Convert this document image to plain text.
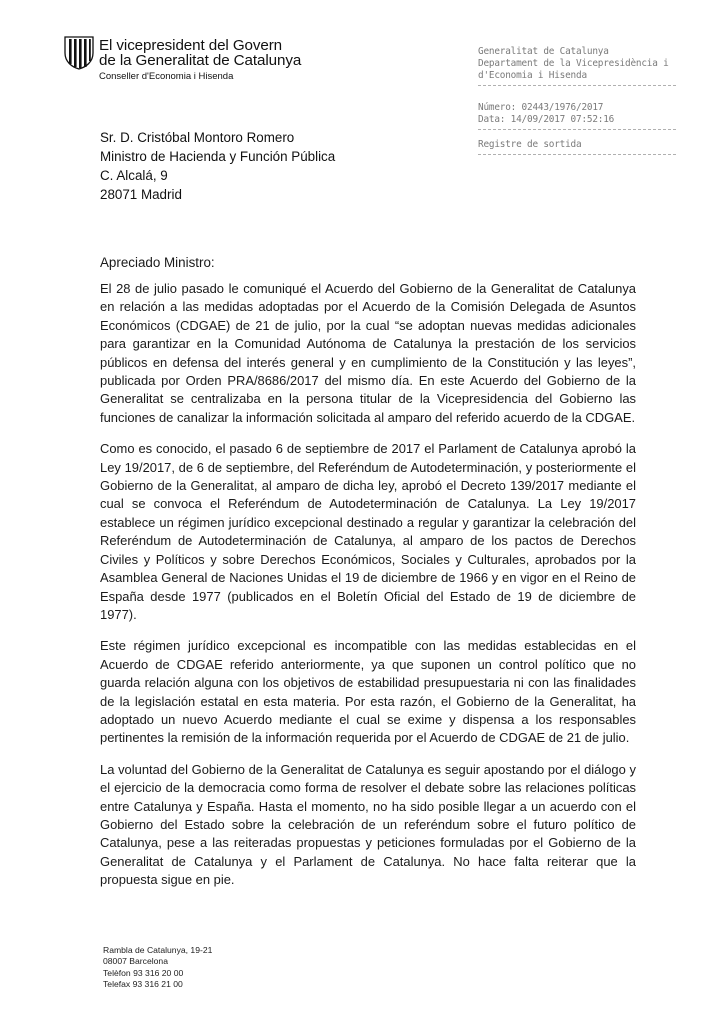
El vicepresident del Govern
de la Generalitat de Catalunya
Conseller d'Economia i Hisenda
Generalitat de Catalunya
Departament de la Vicepresidència i
d'Economia i Hisenda
Número: 02443/1976/2017
Data: 14/09/2017 07:52:16
Registre de sortida
Sr. D. Cristóbal Montoro Romero
Ministro de Hacienda y Función Pública
C. Alcalá, 9
28071 Madrid
Apreciado Ministro:

El 28 de julio pasado le comuniqué el Acuerdo del Gobierno de la Generalitat de Catalunya en relación a las medidas adoptadas por el Acuerdo de la Comisión Delegada de Asuntos Económicos (CDGAE) de 21 de julio, por la cual “se adoptan nuevas medidas adicionales para garantizar en la Comunidad Autónoma de Catalunya la prestación de los servicios públicos en defensa del interés general y en cumplimiento de la Constitución y las leyes”, publicada por Orden PRA/8686/2017 del mismo día. En este Acuerdo del Gobierno de la Generalitat se centralizaba en la persona titular de la Vicepresidencia del Gobierno las funciones de canalizar la información solicitada al amparo del referido acuerdo de la CDGAE.

Como es conocido, el pasado 6 de septiembre de 2017 el Parlament de Catalunya aprobó la Ley 19/2017, de 6 de septiembre, del Referéndum de Autodeterminación, y posteriormente el Gobierno de la Generalitat, al amparo de dicha ley, aprobó el Decreto 139/2017 mediante el cual se convoca el Referéndum de Autodeterminación de Catalunya. La Ley 19/2017 establece un régimen jurídico excepcional destinado a regular y garantizar la celebración del Referéndum de Autodeterminación de Catalunya, al amparo de los pactos de Derechos Civiles y Políticos y sobre Derechos Económicos, Sociales y Culturales, aprobados por la Asamblea General de Naciones Unidas el 19 de diciembre de 1966 y en vigor en el Reino de España desde 1977 (publicados en el Boletín Oficial del Estado de 19 de diciembre de 1977).

Este régimen jurídico excepcional es incompatible con las medidas establecidas en el Acuerdo de CDGAE referido anteriormente, ya que suponen un control político que no guarda relación alguna con los objetivos de estabilidad presupuestaria ni con las finalidades de la legislación estatal en esta materia. Por esta razón, el Gobierno de la Generalitat, ha adoptado un nuevo Acuerdo mediante el cual se exime y dispensa a los responsables pertinentes la remisión de la información requerida por el Acuerdo de CDGAE de 21 de julio.

La voluntad del Gobierno de la Generalitat de Catalunya es seguir apostando por el diálogo y el ejercicio de la democracia como forma de resolver el debate sobre las relaciones políticas entre Catalunya y España. Hasta el momento, no ha sido posible llegar a un acuerdo con el Gobierno del Estado sobre la celebración de un referéndum sobre el futuro político de Catalunya, pese a las reiteradas propuestas y peticiones formuladas por el Gobierno de la Generalitat de Catalunya y el Parlament de Catalunya. No hace falta reiterar que la propuesta sigue en pie.

Rambla de Catalunya, 19-21
08007 Barcelona
Telèfon 93 316 20 00
Telefax 93 316 21 00
